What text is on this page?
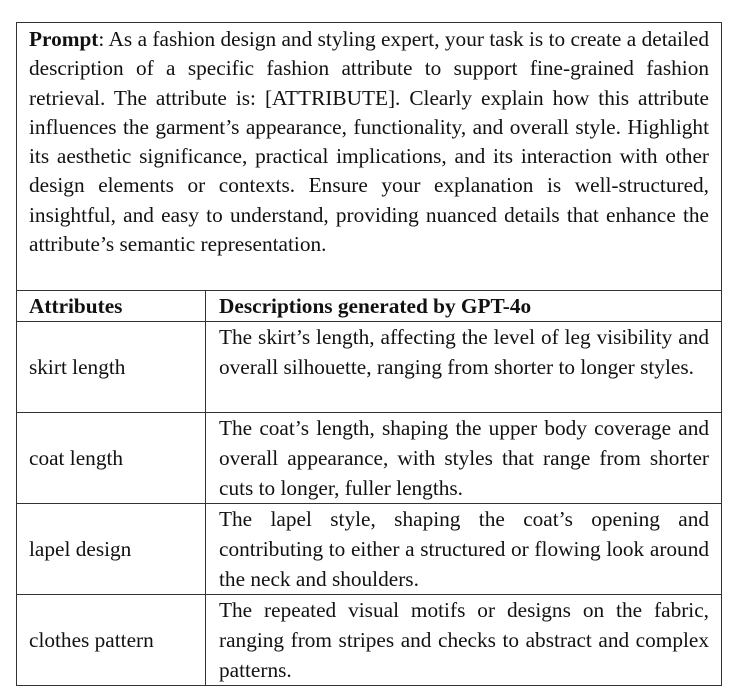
Prompt: As a fashion design and styling expert, your task is to create a detailed description of a specific fashion attribute to support fine-grained fashion retrieval. The attribute is: [ATTRIBUTE]. Clearly explain how this attribute influences the garment’s appearance, functionality, and overall style. Highlight its aesthetic significance, practical implications, and its interaction with other design elements or contexts. Ensure your explanation is well-structured, insightful, and easy to understand, providing nuanced details that enhance the attribute’s semantic representation.
Attributes	Descriptions generated by GPT-4o
skirt length
The skirt’s length, affecting the level of leg visibility and overall silhouette, ranging from shorter to longer styles.
coat length
The coat’s length, shaping the upper body coverage and overall appearance, with styles that range from shorter cuts to longer, fuller lengths.
lapel design
The lapel style, shaping the coat’s opening and contributing to either a structured or flowing look around the neck and shoulders.
clothes pattern
The repeated visual motifs or designs on the fabric, ranging from stripes and checks to abstract and complex patterns.
